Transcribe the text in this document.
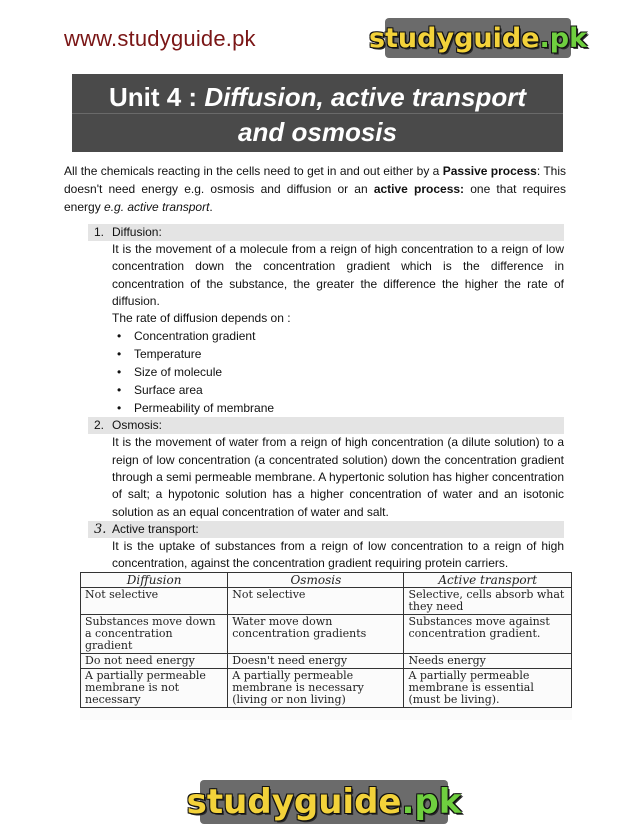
www.studyguide.pk	studyguide .pk
Unit 4 : Diffusion, active transport
and osmosis
All the chemicals reacting in the cells need to get in and out either by a Passive process: This doesn't need energy e.g. osmosis and diffusion or an active process: one that requires energy e.g. active transport.
1. Diffusion:
It is the movement of a molecule from a reign of high concentration to a reign of low concentration down the concentration gradient which is the difference in concentration of the substance, the greater the difference the higher the rate of diffusion.
The rate of diffusion depends on :
• Concentration gradient
• Temperature
• Size of molecule
• Surface area
• Permeability of membrane
2. Osmosis:
It is the movement of water from a reign of high concentration (a dilute solution) to a reign of low concentration (a concentrated solution) down the concentration gradient through a semi permeable membrane. A hypertonic solution has higher concentration of salt; a hypotonic solution has a higher concentration of water and an isotonic solution as an equal concentration of water and salt.
3. Active transport:
It is the uptake of substances from a reign of low concentration to a reign of high concentration, against the concentration gradient requiring protein carriers.
Diffusion	Osmosis	Active transport
Not selective	Not selective	Selective, cells absorb what they need
Substances move down a concentration gradient	Water move down concentration gradients	Substances move against concentration gradient.
Do not need energy	Doesn't need energy	Needs energy
A partially permeable membrane is not necessary	A partially permeable membrane is necessary (living or non living)	A partially permeable membrane is essential (must be living).
studyguide .pk
